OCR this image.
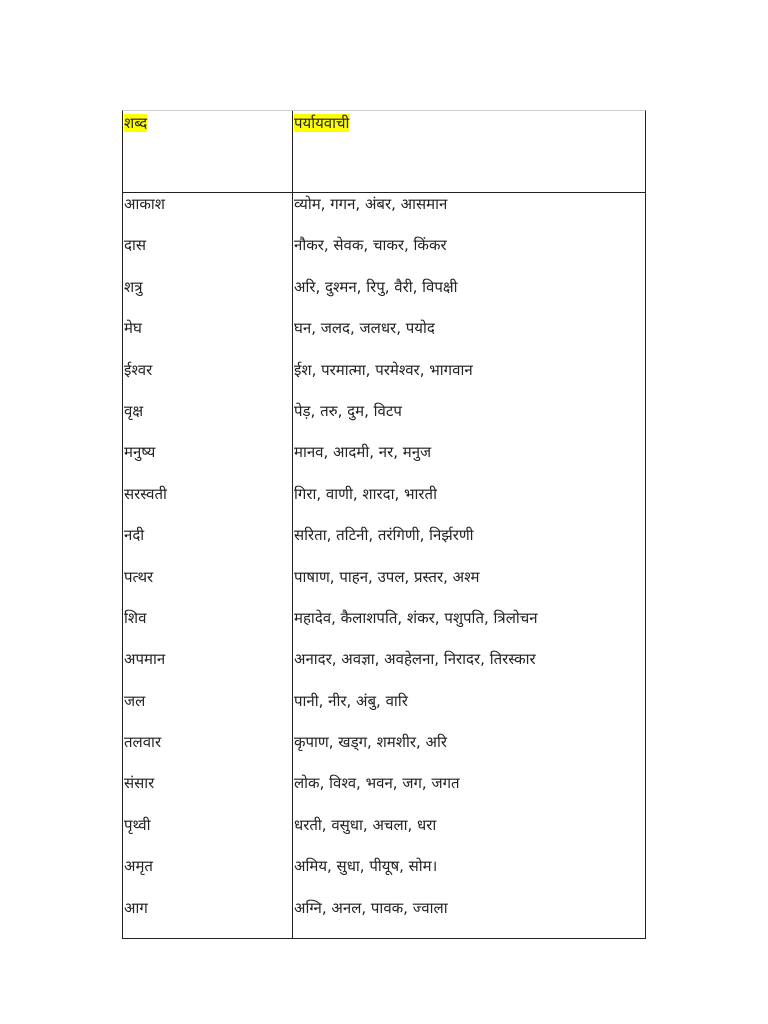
शब्द	पर्यायवाची
आकाश	व्योम, गगन, अंबर, आसमान
दास	नौकर, सेवक, चाकर, किंकर
शत्रु	अरि, दुश्मन, रिपु, वैरी, विपक्षी
मेघ	घन, जलद, जलधर, पयोद
ईश्वर	ईश, परमात्मा, परमेश्वर, भागवान
वृक्ष	पेड़, तरु, दुम, विटप
मनुष्य	मानव, आदमी, नर, मनुज
सरस्वती	गिरा, वाणी, शारदा, भारती
नदी	सरिता, तटिनी, तरंगिणी, निर्झरणी
पत्थर	पाषाण, पाहन, उपल, प्रस्तर, अश्म
शिव	महादेव, कैलाशपति, शंकर, पशुपति, त्रिलोचन
अपमान	अनादर, अवज्ञा, अवहेलना, निरादर, तिरस्कार
जल	पानी, नीर, अंबु, वारि
तलवार	कृपाण, खड्ग, शमशीर, अरि
संसार	लोक, विश्व, भवन, जग, जगत
पृथ्वी	धरती, वसुधा, अचला, धरा
अमृत	अमिय, सुधा, पीयूष, सोम।
आग	अग्नि, अनल, पावक, ज्वाला
